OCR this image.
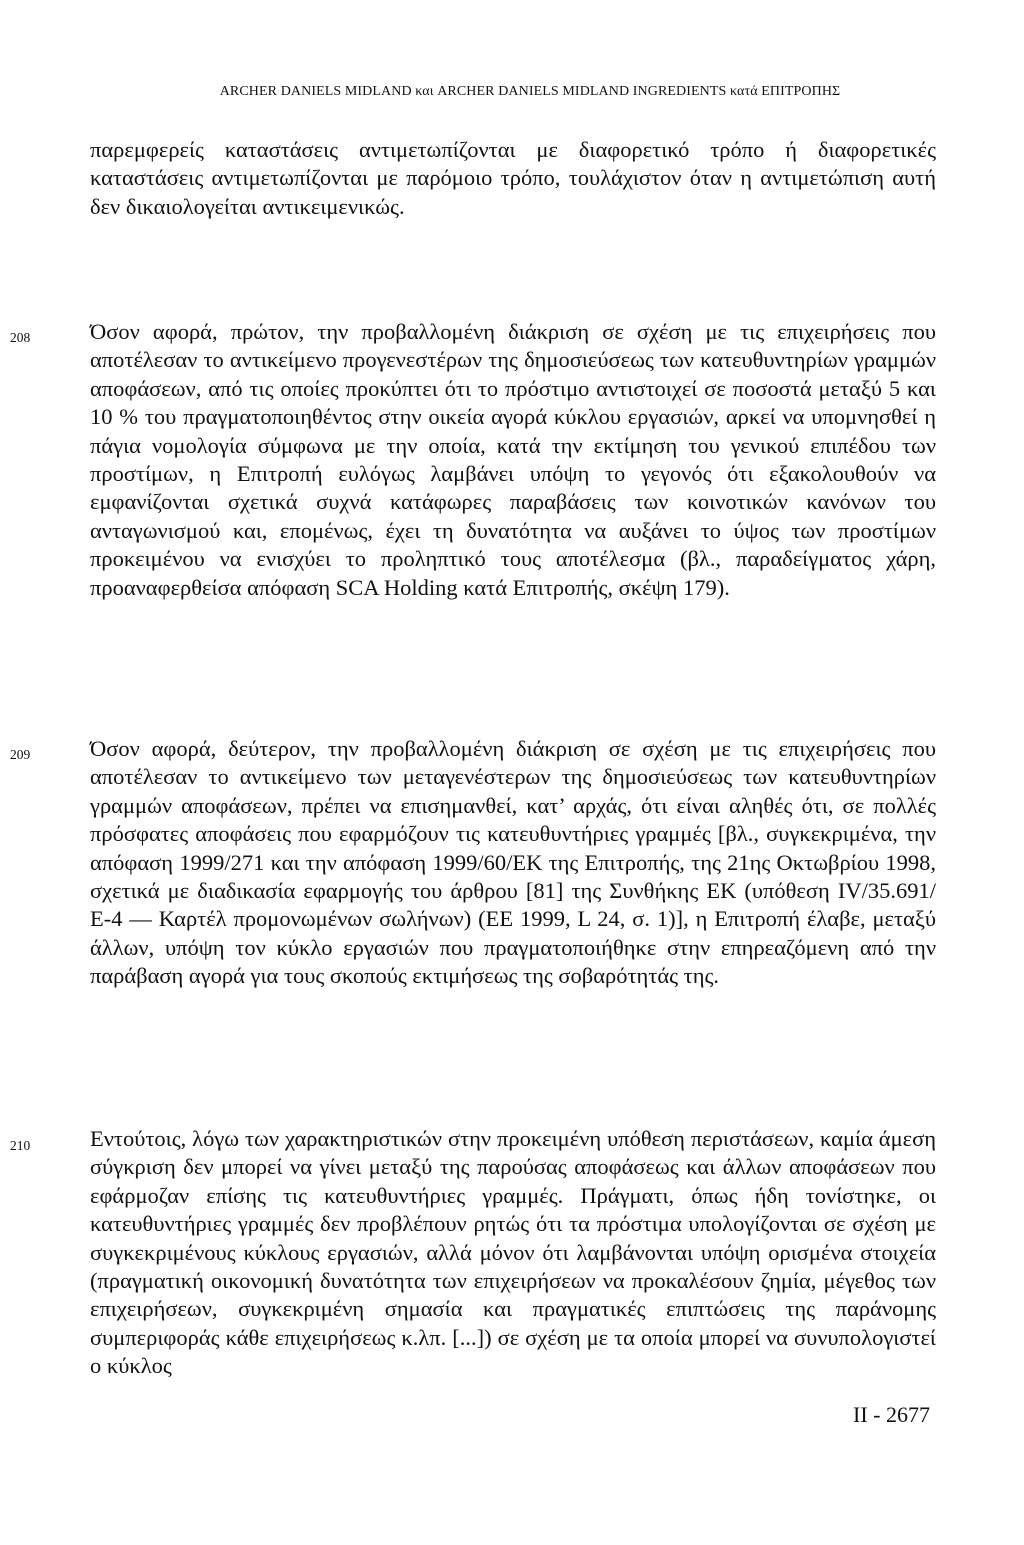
ARCHER DANIELS MIDLAND και ARCHER DANIELS MIDLAND INGREDIENTS κατά ΕΠΙΤΡΟΠΗΣ

παρεμφερείς καταστάσεις αντιμετωπίζονται με διαφορετικό τρόπο ή διαφορετικές καταστάσεις αντιμετωπίζονται με παρόμοιο τρόπο, τουλάχιστον όταν η αντιμετώπιση αυτή δεν δικαιολογείται αντικειμενικώς.

208	Όσον αφορά, πρώτον, την προβαλλομένη διάκριση σε σχέση με τις επιχειρήσεις που αποτέλεσαν το αντικείμενο προγενεστέρων της δημοσιεύσεως των κατευθυντηρίων γραμμών αποφάσεων, από τις οποίες προκύπτει ότι το πρόστιμο αντιστοιχεί σε ποσοστά μεταξύ 5 και 10 % του πραγματοποιηθέντος στην οικεία αγορά κύκλου εργασιών, αρκεί να υπομνησθεί η πάγια νομολογία σύμφωνα με την οποία, κατά την εκτίμηση του γενικού επιπέδου των προστίμων, η Επιτροπή ευλόγως λαμβάνει υπόψη το γεγονός ότι εξακολουθούν να εμφανίζονται σχετικά συχνά κατάφωρες παραβάσεις των κοινοτικών κανόνων του ανταγωνισμού και, επομένως, έχει τη δυνατότητα να αυξάνει το ύψος των προστίμων προκειμένου να ενισχύει το προληπτικό τους αποτέλεσμα (βλ., παραδείγματος χάρη, προαναφερθείσα απόφαση SCA Holding κατά Επιτροπής, σκέψη 179).

209	Όσον αφορά, δεύτερον, την προβαλλομένη διάκριση σε σχέση με τις επιχειρήσεις που αποτέλεσαν το αντικείμενο των μεταγενέστερων της δημοσιεύσεως των κατευθυντηρίων γραμμών αποφάσεων, πρέπει να επισημανθεί, κατ’ αρχάς, ότι είναι αληθές ότι, σε πολλές πρόσφατες αποφάσεις που εφαρμόζουν τις κατευθυντήριες γραμμές [βλ., συγκεκριμένα, την απόφαση 1999/271 και την απόφαση 1999/60/ΕΚ της Επιτροπής, της 21ης Οκτωβρίου 1998, σχετικά με διαδικασία εφαρμογής του άρθρου [81] της Συνθήκης ΕΚ (υπόθεση IV/35.691/Ε-4 — Καρτέλ προμονωμένων σωλήνων) (ΕΕ 1999, L 24, σ. 1)], η Επιτροπή έλαβε, μεταξύ άλλων, υπόψη τον κύκλο εργασιών που πραγματοποιήθηκε στην επηρεαζόμενη από την παράβαση αγορά για τους σκοπούς εκτιμήσεως της σοβαρότητάς της.

210	Εντούτοις, λόγω των χαρακτηριστικών στην προκειμένη υπόθεση περιστάσεων, καμία άμεση σύγκριση δεν μπορεί να γίνει μεταξύ της παρούσας αποφάσεως και άλλων αποφάσεων που εφάρμοζαν επίσης τις κατευθυντήριες γραμμές. Πράγματι, όπως ήδη τονίστηκε, οι κατευθυντήριες γραμμές δεν προβλέπουν ρητώς ότι τα πρόστιμα υπολογίζονται σε σχέση με συγκεκριμένους κύκλους εργασιών, αλλά μόνον ότι λαμβάνονται υπόψη ορισμένα στοιχεία (πραγματική οικονομική δυνατότητα των επιχειρήσεων να προκαλέσουν ζημία, μέγεθος των επιχειρήσεων, συγκεκριμένη σημασία και πραγματικές επιπτώσεις της παράνομης συμπεριφοράς κάθε επιχειρήσεως κ.λπ. [...]) σε σχέση με τα οποία μπορεί να συνυπολογιστεί ο κύκλος

II - 2677
